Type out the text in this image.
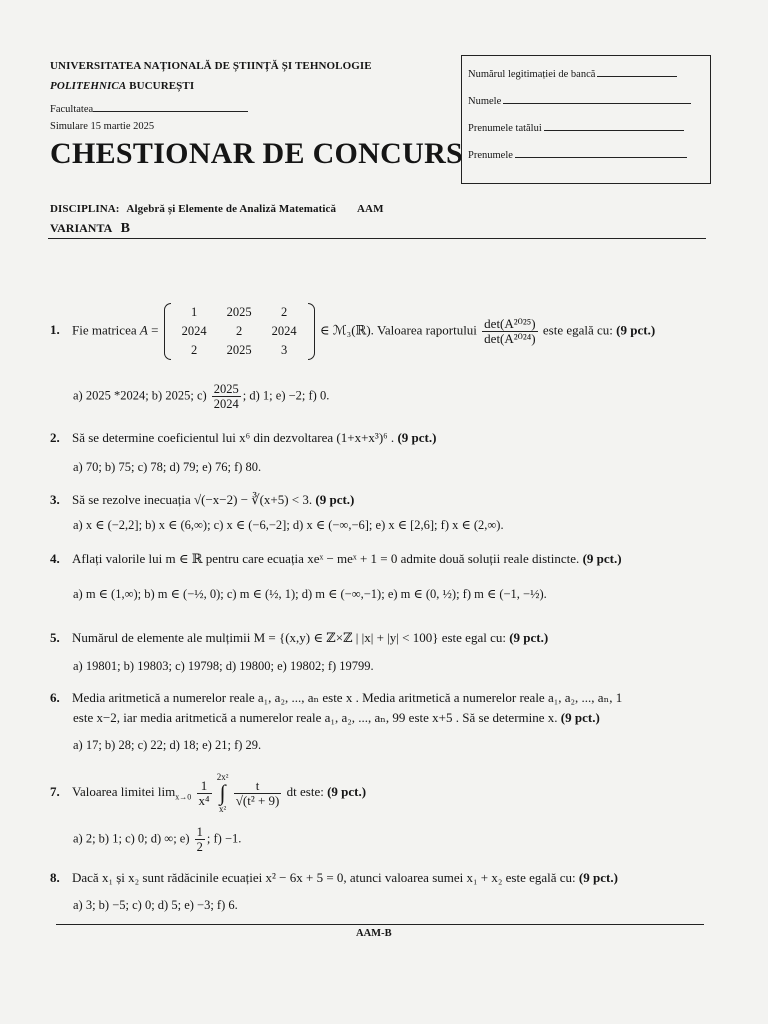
UNIVERSITATEA NAȚIONALĂ DE ȘTIINȚĂ ȘI TEHNOLOGIE
POLITEHNICA BUCUREȘTI
Facultatea
Simulare 15 martie 2025
CHESTIONAR DE CONCURS
Numărul legitimației de bancă
Numele
Prenumele tatălui
Prenumele
DISCIPLINA: Algebră și Elemente de Analiză Matematică AAM
VARIANTA B
1. Fie matricea A =
1	2025	2
2024	2	2024
2	2025	3
∈ ℳ₃(ℝ). Valoarea raportului $\frac{\text{det(A²⁰²⁵)}}{\text{det(A²⁰²⁴)}}$ este egală cu: (9 pct.)
a) 2025 *2024; b) 2025; $c) \frac{2025}{2024}$ ; d) 1; e) −2; f) 0.
2. Să se determine coeficientul lui x⁶ din dezvoltarea (1+x+x³)⁶ . (9 pct.)
a) 70; b) 75; c) 78; d) 79; e) 76; f) 80.
3. Să se rezolve inecuația √(−x−2) − ∛(x+5) < 3. (9 pct.)
a) x ∈ (−2,2]; b) x ∈ (6,∞); c) x ∈ (−6,−2]; d) x ∈ (−∞,−6]; e) x ∈ [2,6]; f) x ∈ (2,∞).
4. Aflați valorile lui m ∈ ℝ pentru care ecuația xeˣ − meˣ + 1 = 0 admite două soluții reale distincte. (9 pct.)
a) m ∈ (1,∞); b) m ∈ (−½, 0); c) m ∈ (½, 1); d) m ∈ (−∞,−1); e) m ∈ (0, ½); f) m ∈ (−1, −½).
5. Numărul de elemente ale mulțimii M = {(x,y) ∈ ℤ×ℤ | |x| + |y| < 100} este egal cu: (9 pct.)
a) 19801; b) 19803; c) 19798; d) 19800; e) 19802; f) 19799.
6. Media aritmetică a numerelor reale a₁, a₂, ..., aₙ este x . Media aritmetică a numerelor reale a₁, a₂, ..., aₙ, 1
este x−2, iar media aritmetică a numerelor reale a₁, a₂, ..., aₙ, 99 este x+5 . Să se determine x. (9 pct.)
a) 17; b) 28; c) 22; d) 18; e) 21; f) 29.
7. Valoarea limitei $\lim_{x\to 0} \frac{1}{\text{x⁴}}$

2x²
∫
x²

$\frac{t}{\text{√(t² + 9)}}$ dt este: (9 pct.)
a) 2; b) 1; c) 0; d) ∞; $e) \frac{1}{2}$ ; f) −1.
8. Dacă x₁ și x₂ sunt rădăcinile ecuației x² − 6x + 5 = 0, atunci valoarea sumei x₁ + x₂ este egală cu: (9 pct.)
a) 3; b) −5; c) 0; d) 5; e) −3; f) 6.
AAM-B
